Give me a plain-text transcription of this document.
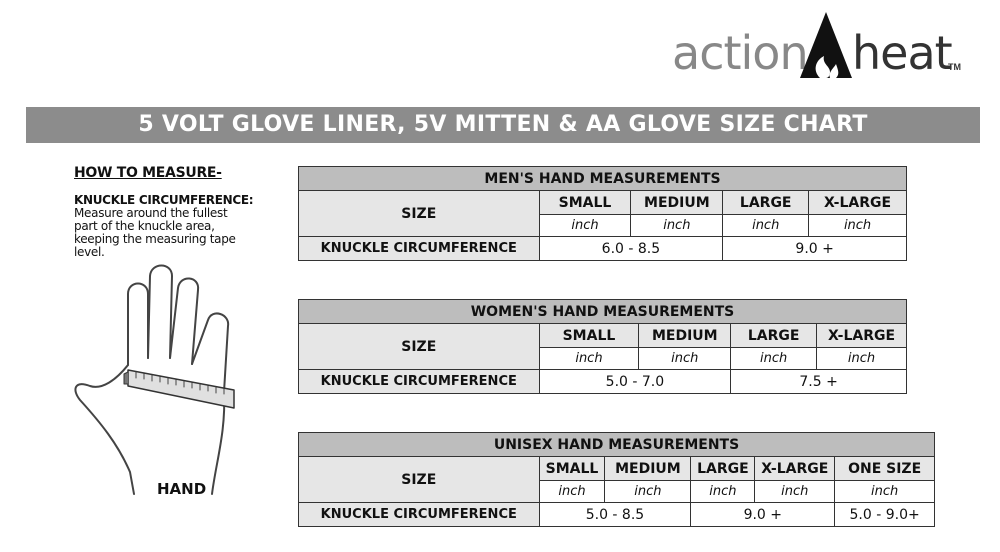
action heat
TM
5 VOLT GLOVE LINER, 5V MITTEN & AA GLOVE SIZE CHART
HOW TO MEASURE-
KNUCKLE CIRCUMFERENCE:
Measure around the fullest part of the knuckle area, keeping the measuring tape level.
HAND
MEN'S HAND MEASUREMENTS				
SIZE	SMALL	MEDIUM	LARGE	X-LARGE
	inch	inch	inch	inch
KNUCKLE CIRCUMFERENCE	6.0 - 8.5		9.0 +	
WOMEN'S HAND MEASUREMENTS				
SIZE	SMALL	MEDIUM	LARGE	X-LARGE
	inch	inch	inch	inch
KNUCKLE CIRCUMFERENCE	5.0 - 7.0		7.5 +	
UNISEX HAND MEASUREMENTS					
SIZE	SMALL	MEDIUM	LARGE	X-LARGE	ONE SIZE
	inch	inch	inch	inch	inch
KNUCKLE CIRCUMFERENCE	5.0 - 8.5		9.0 +		5.0 - 9.0+
